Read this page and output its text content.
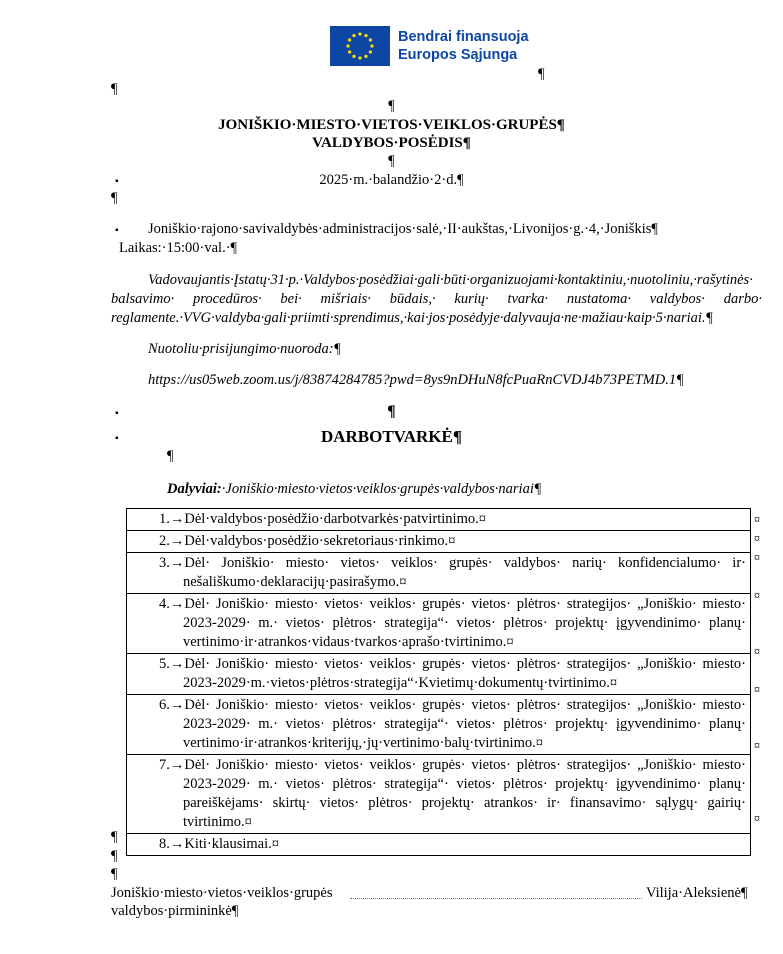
Bendrai finansuoja
Europos Sąjunga
¶
¶
¶
JONIŠKIO·MIESTO·VIETOS·VEIKLOS·GRUPĖS¶
VALDYBOS·POSĖDIS¶
¶
▪	2025·m.·balandžio·2·d.¶
¶
▪ Joniškio·rajono·savivaldybės·administracijos·salė,·II·aukštas,·Livonijos·g.·4,·Joniškis¶
Laikas:·15:00·val.·¶
Vadovaujantis·Įstatų·31·p.·Valdybos·posėdžiai·gali·būti·organizuojami·kontaktiniu,·nuotoliniu,·rašytinės· balsavimo· procedūros· bei· mišriais· būdais,· kurių· tvarka· nustatoma· valdybos· darbo· reglamente.·VVG·valdyba·gali·priimti·sprendimus,·kai·jos·posėdyje·dalyvauja·ne·mažiau·kaip·5·nariai.¶
Nuotoliu·prisijungimo·nuoroda:¶
https://us05web.zoom.us/j/83874284785?pwd=8ys9nDHuN8fcPuaRnCVDJ4b73PETMD.1¶
▪	¶
▪	DARBOTVARKĖ¶
¶
Dalyviai:·Joniškio·miesto·vietos·veiklos·grupės·valdybos·nariai¶
1.→Dėl·valdybos·posėdžio·darbotvarkės·patvirtinimo.¤

2.→Dėl·valdybos·posėdžio·sekretoriaus·rinkimo.¤

3.→Dėl· Joniškio· miesto· vietos· veiklos· grupės· valdybos· narių· konfidencialumo· ir· nešališkumo·deklaracijų·pasirašymo.¤

4.→Dėl· Joniškio· miesto· vietos· veiklos· grupės· vietos· plėtros· strategijos· „Joniškio· miesto· 2023-2029· m.· vietos· plėtros· strategija“· vietos· plėtros· projektų· įgyvendinimo· planų· vertinimo·ir·atrankos·vidaus·tvarkos·aprašo·tvirtinimo.¤

5.→Dėl· Joniškio· miesto· vietos· veiklos· grupės· vietos· plėtros· strategijos· „Joniškio· miesto· 2023-2029·m.·vietos·plėtros·strategija“·Kvietimų·dokumentų·tvirtinimo.¤

6.→Dėl· Joniškio· miesto· vietos· veiklos· grupės· vietos· plėtros· strategijos· „Joniškio· miesto· 2023-2029· m.· vietos· plėtros· strategija“· vietos· plėtros· projektų· įgyvendinimo· planų· vertinimo·ir·atrankos·kriterijų,·jų·vertinimo·balų·tvirtinimo.¤

7.→Dėl· Joniškio· miesto· vietos· veiklos· grupės· vietos· plėtros· strategijos· „Joniškio· miesto· 2023-2029· m.· vietos· plėtros· strategija“· vietos· plėtros· projektų· įgyvendinimo· planų· pareiškėjams· skirtų· vietos· plėtros· projektų· atrankos· ir· finansavimo· sąlygų· gairių· tvirtinimo.¤

8.→Kiti·klausimai.¤
¤
¤
¤
¤
¤
¤
¤
¤
¶
¶
¶
Joniškio·miesto·vietos·veiklos·grupės	Vilija·Aleksienė¶
valdybos·pirmininkė¶
